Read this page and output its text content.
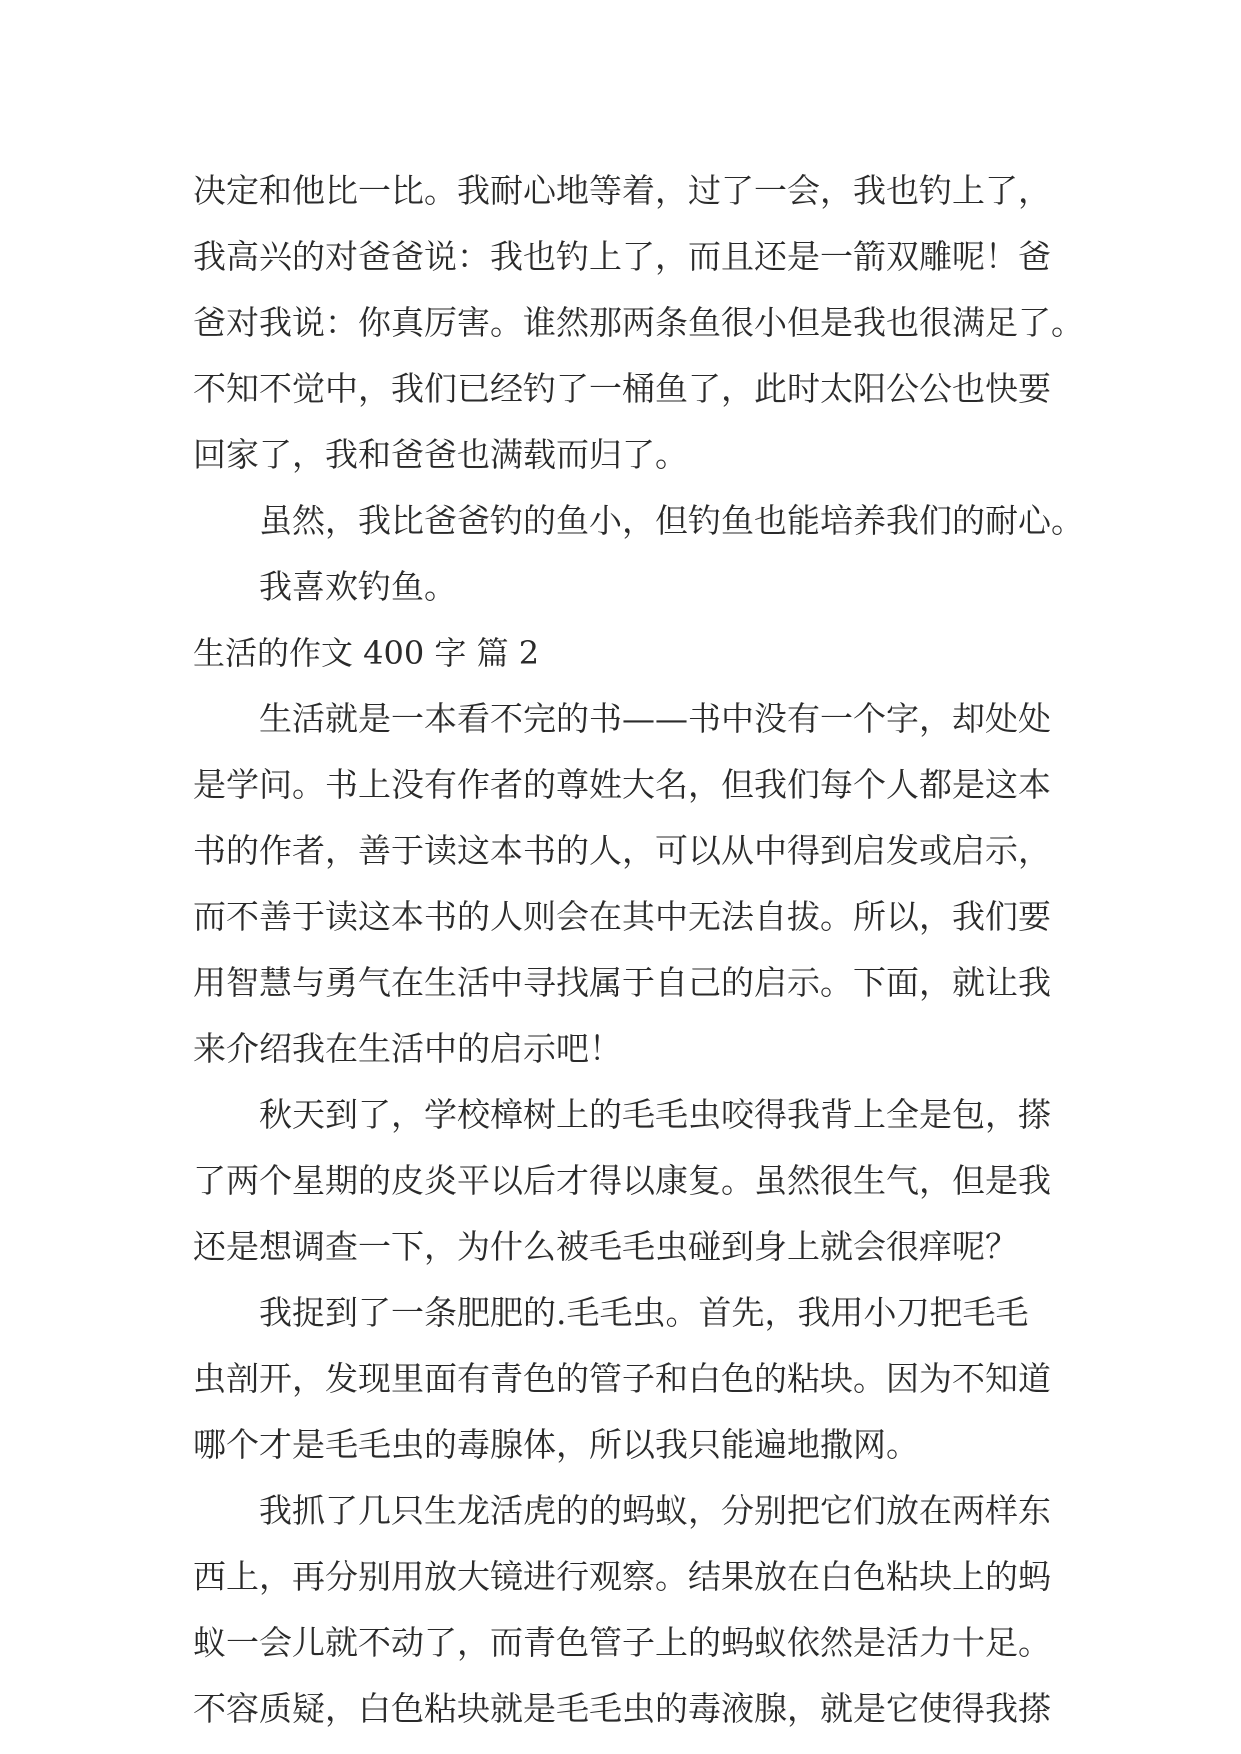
决定和他比一比。我耐心地等着，过了一会，我也钓上了，
我高兴的对爸爸说：我也钓上了，而且还是一箭双雕呢！爸
爸对我说：你真厉害。谁然那两条鱼很小但是我也很满足了。
不知不觉中，我们已经钓了一桶鱼了，此时太阳公公也快要
回家了，我和爸爸也满载而归了。

虽然，我比爸爸钓的鱼小，但钓鱼也能培养我们的耐心。

我喜欢钓鱼。

生活的作文 400 字 篇 2

生活就是一本看不完的书——书中没有一个字，却处处
是学问。书上没有作者的尊姓大名，但我们每个人都是这本
书的作者，善于读这本书的人，可以从中得到启发或启示，
而不善于读这本书的人则会在其中无法自拔。所以，我们要
用智慧与勇气在生活中寻找属于自己的启示。下面，就让我
来介绍我在生活中的启示吧！

秋天到了，学校樟树上的毛毛虫咬得我背上全是包，搽
了两个星期的皮炎平以后才得以康复。虽然很生气，但是我
还是想调查一下，为什么被毛毛虫碰到身上就会很痒呢？

我捉到了一条肥肥的.毛毛虫。首先，我用小刀把毛毛
虫剖开，发现里面有青色的管子和白色的粘块。因为不知道
哪个才是毛毛虫的毒腺体，所以我只能遍地撒网。

我抓了几只生龙活虎的的蚂蚁，分别把它们放在两样东
西上，再分别用放大镜进行观察。结果放在白色粘块上的蚂
蚁一会儿就不动了，而青色管子上的蚂蚁依然是活力十足。
不容质疑，白色粘块就是毛毛虫的毒液腺，就是它使得我搽
